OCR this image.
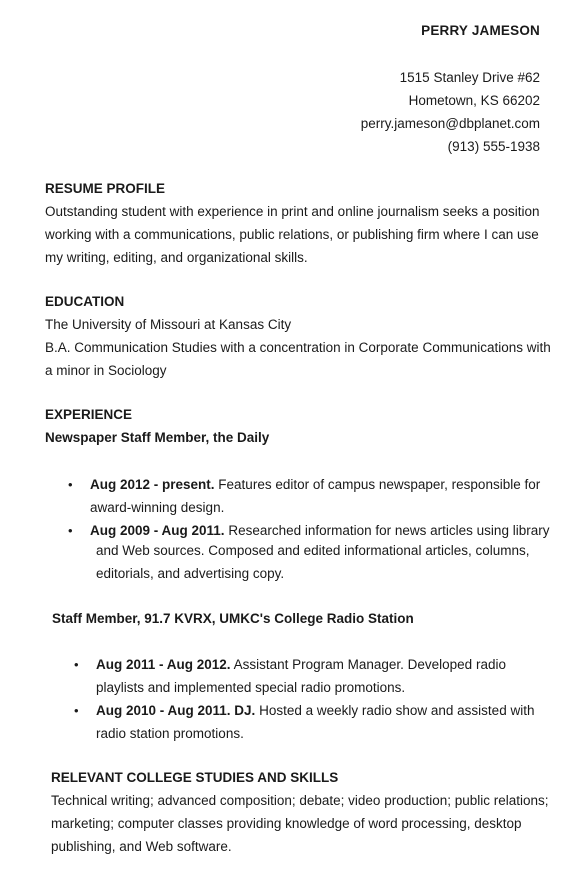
PERRY JAMESON
1515 Stanley Drive #62
Hometown, KS 66202
perry.jameson@dbplanet.com
(913) 555-1938
RESUME PROFILE
Outstanding student with experience in print and online journalism seeks a position
working with a communications, public relations, or publishing firm where I can use
my writing, editing, and organizational skills.
EDUCATION
The University of Missouri at Kansas City
B.A. Communication Studies with a concentration in Corporate Communications with
a minor in Sociology
EXPERIENCE
Newspaper Staff Member, the Daily
• Aug 2012 - present. Features editor of campus newspaper, responsible for
award-winning design.
• Aug 2009 - Aug 2011. Researched information for news articles using library
and Web sources. Composed and edited informational articles, columns,
editorials, and advertising copy.
Staff Member, 91.7 KVRX, UMKC's College Radio Station
• Aug 2011 - Aug 2012. Assistant Program Manager. Developed radio
playlists and implemented special radio promotions.
• Aug 2010 - Aug 2011. DJ. Hosted a weekly radio show and assisted with
radio station promotions.
RELEVANT COLLEGE STUDIES AND SKILLS
Technical writing; advanced composition; debate; video production; public relations;
marketing; computer classes providing knowledge of word processing, desktop
publishing, and Web software.
